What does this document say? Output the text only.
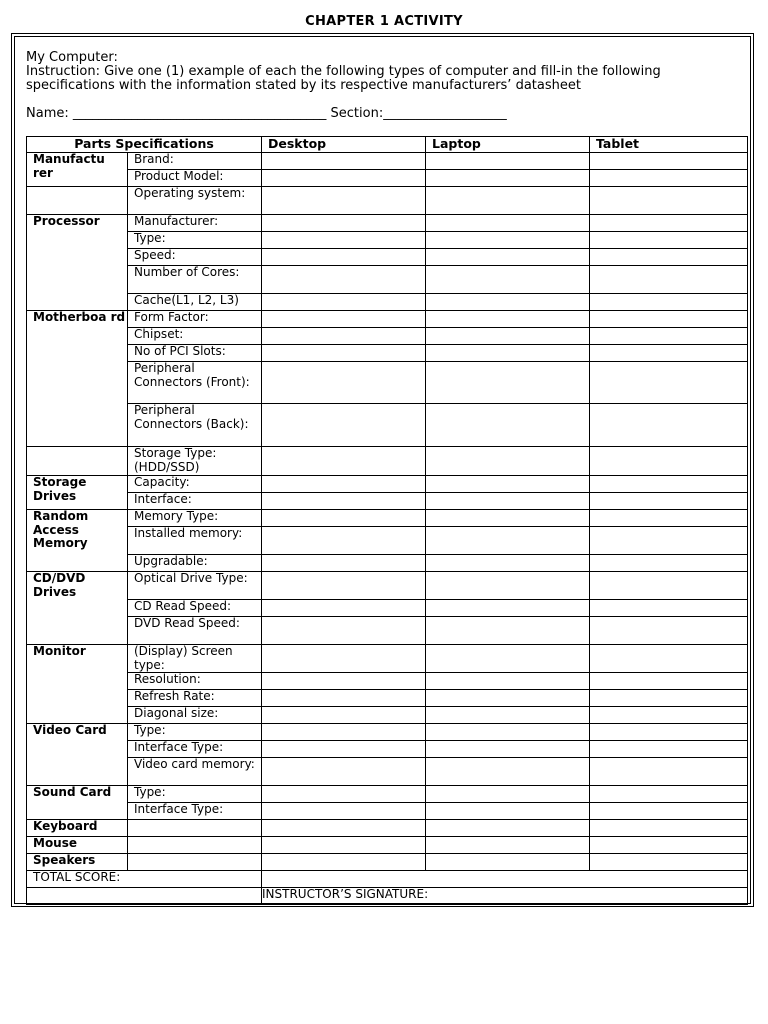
CHAPTER 1 ACTIVITY
My Computer:
Instruction: Give one (1) example of each the following types of computer and fill-in the following specifications with the information stated by its respective manufacturers’ datasheet
Name: _______________________________________ Section:___________________
Parts Specifications		Desktop	Laptop	Tablet
Manufactu rer	Brand:			
	Product Model:			
	Operating system:			
Processor	Manufacturer:			
	Type:			
	Speed:			
	Number of Cores:			
	Cache(L1, L2, L3)			
Motherboa rd	Form Factor:			
	Chipset:			
	No of PCI Slots:			
	Peripheral Connectors (Front):			
	Peripheral Connectors (Back):			
	Storage Type: (HDD/SSD)			
Storage Drives	Capacity:			
	Interface:			
Random Access Memory	Memory Type:			
	Installed memory:			
	Upgradable:			
CD/DVD Drives	Optical Drive Type:			
	CD Read Speed:			
	DVD Read Speed:			
Monitor	(Display) Screen type:			
	Resolution:			
	Refresh Rate:			
	Diagonal size:			
Video Card	Type:			
	Interface Type:			
	Video card memory:			
Sound Card	Type:			
	Interface Type:			
Keyboard				
Mouse				
Speakers				
TOTAL SCORE:				
		INSTRUCTOR’S SIGNATURE:		
